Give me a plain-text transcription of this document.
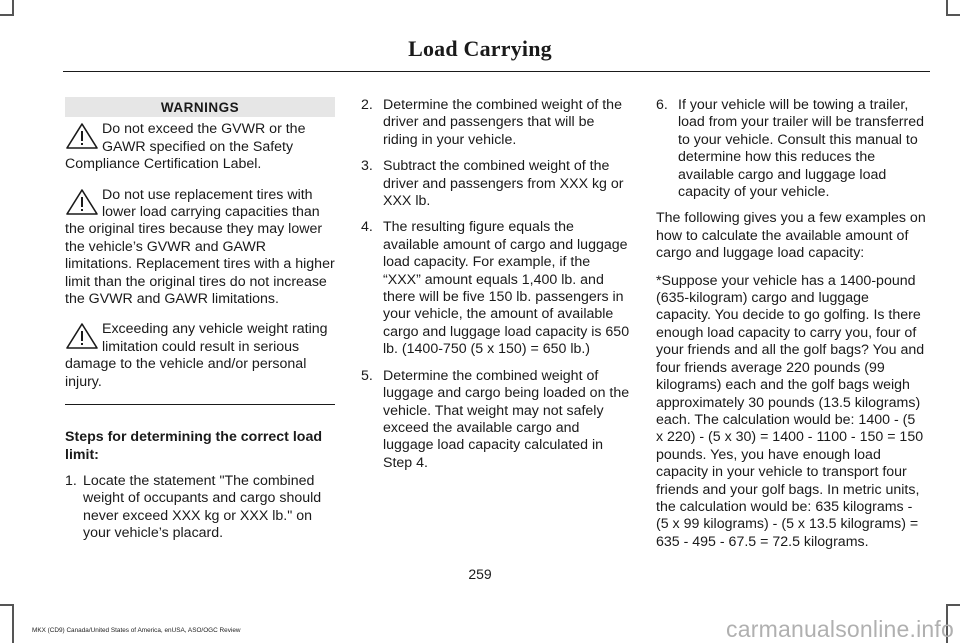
Load Carrying
WARNINGS
Do not exceed the GVWR or the GAWR specified on the Safety Compliance Certification Label.
Do not use replacement tires with lower load carrying capacities than the original tires because they may lower the vehicle’s GVWR and GAWR limitations. Replacement tires with a higher limit than the original tires do not increase the GVWR and GAWR limitations.
Exceeding any vehicle weight rating limitation could result in serious damage to the vehicle and/or personal injury.
Steps for determining the correct load limit:
1. Locate the statement "The combined weight of occupants and cargo should never exceed XXX kg or XXX lb." on your vehicle’s placard.
2. Determine the combined weight of the driver and passengers that will be riding in your vehicle.
3. Subtract the combined weight of the driver and passengers from XXX kg or XXX lb.
4. The resulting figure equals the available amount of cargo and luggage load capacity. For example, if the “XXX” amount equals 1,400 lb. and there will be five 150 lb. passengers in your vehicle, the amount of available cargo and luggage load capacity is 650 lb. (1400-750 (5 x 150) = 650 lb.)
5. Determine the combined weight of luggage and cargo being loaded on the vehicle. That weight may not safely exceed the available cargo and luggage load capacity calculated in Step 4.
6. If your vehicle will be towing a trailer, load from your trailer will be transferred to your vehicle. Consult this manual to determine how this reduces the available cargo and luggage load capacity of your vehicle.

The following gives you a few examples on how to calculate the available amount of cargo and luggage load capacity:

*Suppose your vehicle has a 1400-pound (635-kilogram) cargo and luggage capacity. You decide to go golfing. Is there enough load capacity to carry you, four of your friends and all the golf bags? You and four friends average 220 pounds (99 kilograms) each and the golf bags weigh approximately 30 pounds (13.5 kilograms) each. The calculation would be: 1400 - (5 x 220) - (5 x 30) = 1400 - 1100 - 150 = 150 pounds. Yes, you have enough load capacity in your vehicle to transport four friends and your golf bags. In metric units, the calculation would be: 635 kilograms - (5 x 99 kilograms) - (5 x 13.5 kilograms) = 635 - 495 - 67.5 = 72.5 kilograms.

259
MKX (CD9) Canada/United States of America, enUSA, ASO/OGC Review	carmanualsonline.info
